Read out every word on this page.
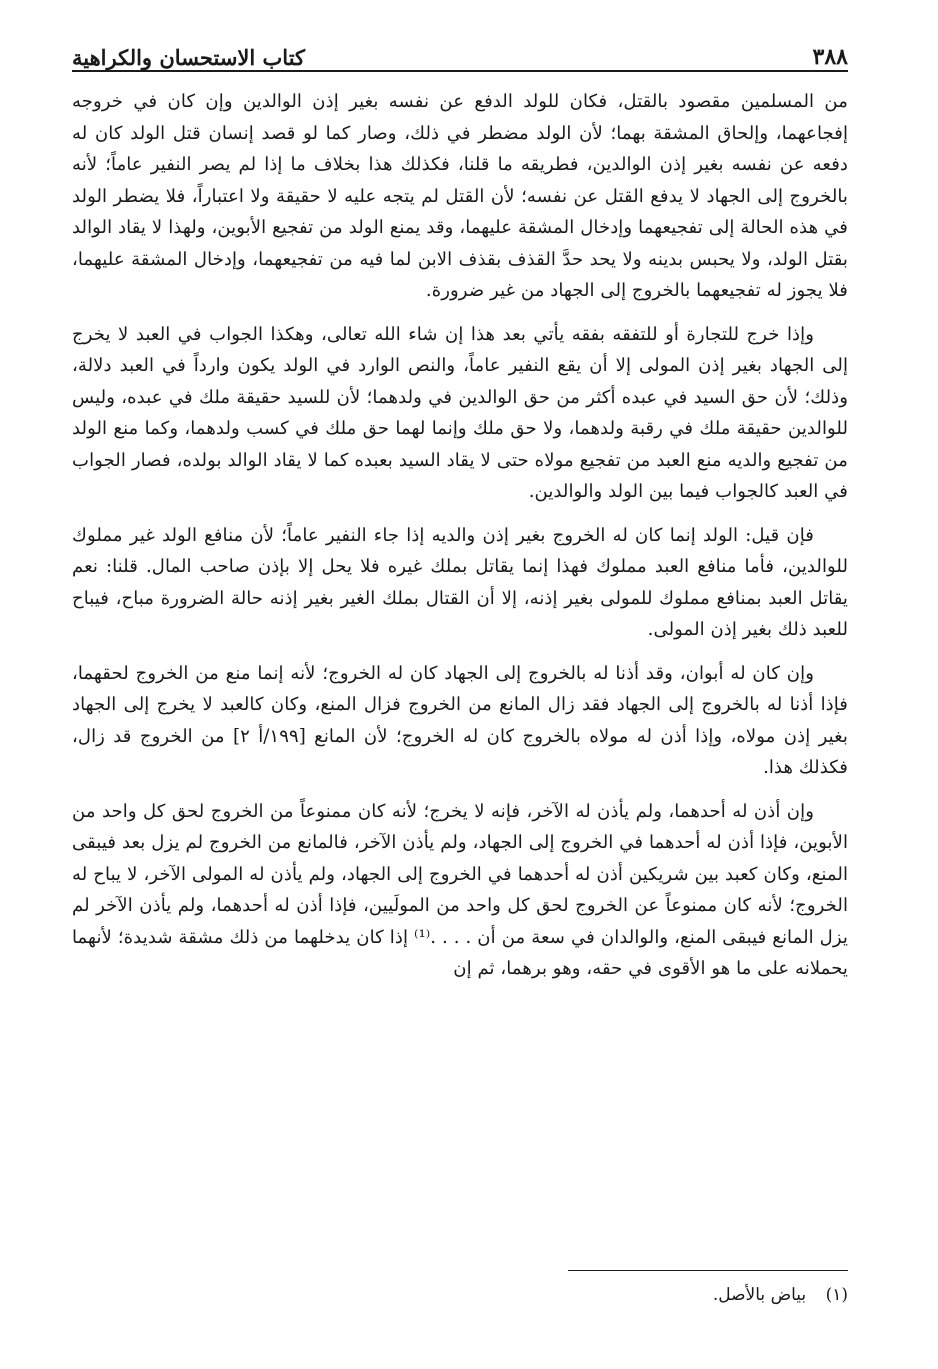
٣٨٨
كتاب الاستحسان والكراهية

من المسلمين مقصود بالقتل، فكان للولد الدفع عن نفسه بغير إذن الوالدين وإن كان في خروجه إفجاعهما، وإلحاق المشقة بهما؛ لأن الولد مضطر في ذلك، وصار كما لو قصد إنسان قتل الولد كان له دفعه عن نفسه بغير إذن الوالدين، فطريقه ما قلنا، فكذلك هذا بخلاف ما إذا لم يصر النفير عاماً؛ لأنه بالخروج إلى الجهاد لا يدفع القتل عن نفسه؛ لأن القتل لم يتجه عليه لا حقيقة ولا اعتباراً، فلا يضطر الولد في هذه الحالة إلى تفجيعهما وإدخال المشقة عليهما، وقد يمنع الولد من تفجيع الأبوين، ولهذا لا يقاد الوالد بقتل الولد، ولا يحبس بدينه ولا يحد حدَّ القذف بقذف الابن لما فيه من تفجيعهما، وإدخال المشقة عليهما، فلا يجوز له تفجيعهما بالخروج إلى الجهاد من غير ضرورة.

وإذا خرج للتجارة أو للتفقه بفقه يأتي بعد هذا إن شاء الله تعالى، وهكذا الجواب في العبد لا يخرج إلى الجهاد بغير إذن المولى إلا أن يقع النفير عاماً، والنص الوارد في الولد يكون وارداً في العبد دلالة، وذلك؛ لأن حق السيد في عبده أكثر من حق الوالدين في ولدهما؛ لأن للسيد حقيقة ملك في عبده، وليس للوالدين حقيقة ملك في رقبة ولدهما، ولا حق ملك وإنما لهما حق ملك في كسب ولدهما، وكما منع الولد من تفجيع والديه منع العبد من تفجيع مولاه حتى لا يقاد السيد بعبده كما لا يقاد الوالد بولده، فصار الجواب في العبد كالجواب فيما بين الولد والوالدين.

فإن قيل: الولد إنما كان له الخروج بغير إذن والديه إذا جاء النفير عاماً؛ لأن منافع الولد غير مملوك للوالدين، فأما منافع العبد مملوك فهذا إنما يقاتل بملك غيره فلا يحل إلا بإذن صاحب المال. قلنا: نعم يقاتل العبد بمنافع مملوك للمولى بغير إذنه، إلا أن القتال بملك الغير بغير إذنه حالة الضرورة مباح، فيباح للعبد ذلك بغير إذن المولى.

وإن كان له أبوان، وقد أذنا له بالخروج إلى الجهاد كان له الخروج؛ لأنه إنما منع من الخروج لحقهما، فإذا أذنا له بالخروج إلى الجهاد فقد زال المانع من الخروج فزال المنع، وكان كالعبد لا يخرج إلى الجهاد بغير إذن مولاه، وإذا أذن له مولاه بالخروج كان له الخروج؛ لأن المانع [١٩٩/أ ٢] من الخروج قد زال، فكذلك هذا.

وإن أذن له أحدهما، ولم يأذن له الآخر، فإنه لا يخرج؛ لأنه كان ممنوعاً من الخروج لحق كل واحد من الأبوين، فإذا أذن له أحدهما في الخروج إلى الجهاد، ولم يأذن الآخر، فالمانع من الخروج لم يزل بعد فيبقى المنع، وكان كعبد بين شريكين أذن له أحدهما في الخروج إلى الجهاد، ولم يأذن له المولى الآخر، لا يباح له الخروج؛ لأنه كان ممنوعاً عن الخروج لحق كل واحد من المولَيين، فإذا أذن له أحدهما، ولم يأذن الآخر لم يزل المانع فيبقى المنع، والوالدان في سعة من أن . . . .⁽¹⁾ إذا كان يدخلهما من ذلك مشقة شديدة؛ لأنهما يحملانه على ما هو الأقوى في حقه، وهو برهما، ثم إن

(١) بياض بالأصل.
